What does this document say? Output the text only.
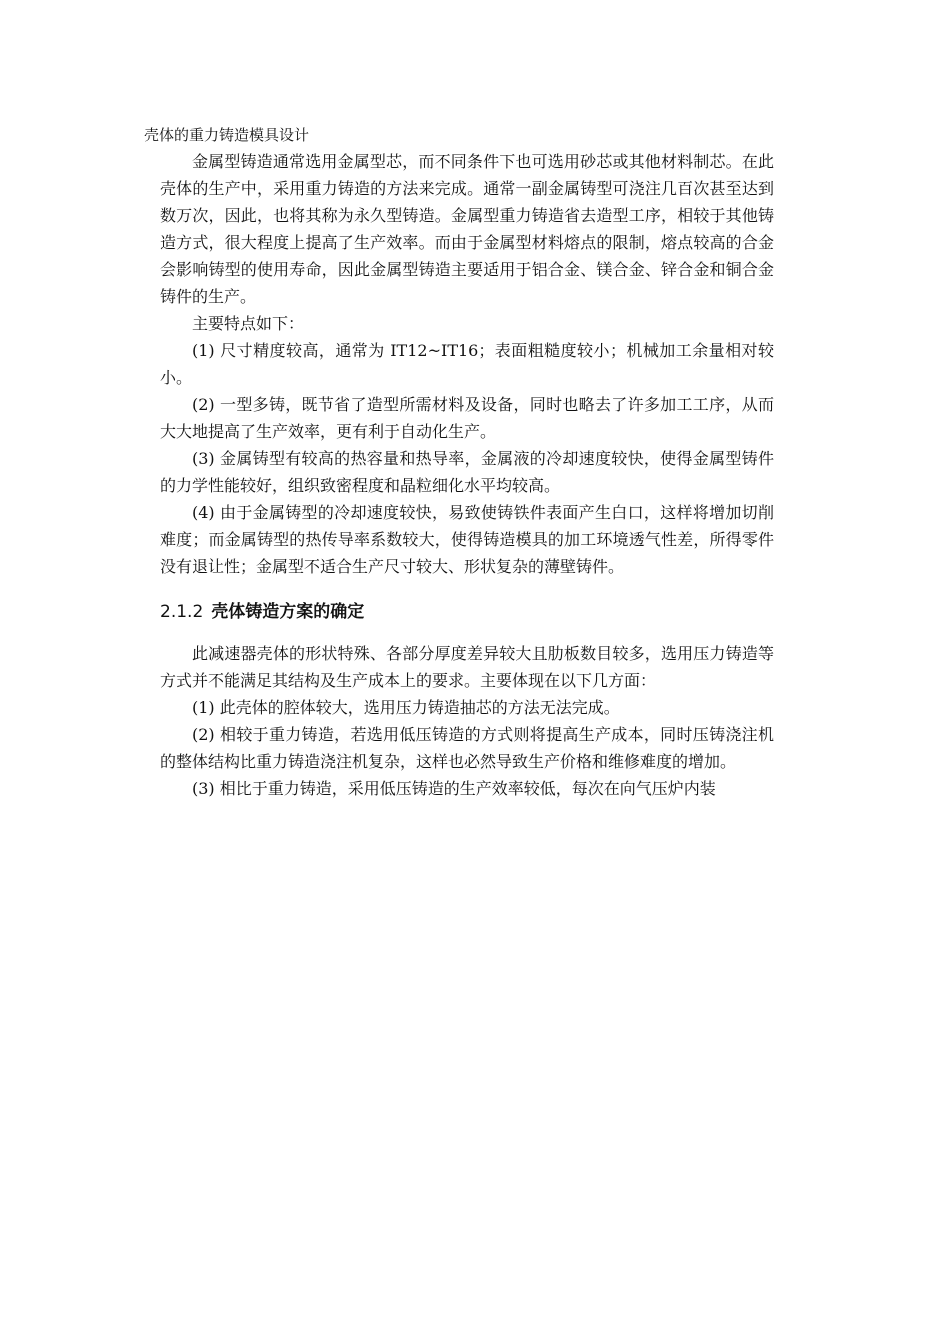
壳体的重力铸造模具设计

金属型铸造通常选用金属型芯，而不同条件下也可选用砂芯或其他材料制芯。在此壳体的生产中，采用重力铸造的方法来完成。通常一副金属铸型可浇注几百次甚至达到数万次，因此，也将其称为永久型铸造。金属型重力铸造省去造型工序，相较于其他铸造方式，很大程度上提高了生产效率。而由于金属型材料熔点的限制，熔点较高的合金会影响铸型的使用寿命，因此金属型铸造主要适用于铝合金、镁合金、锌合金和铜合金铸件的生产。

主要特点如下：

(1) 尺寸精度较高，通常为 IT12~IT16；表面粗糙度较小；机械加工余量相对较小。

(2) 一型多铸，既节省了造型所需材料及设备，同时也略去了许多加工工序，从而大大地提高了生产效率，更有利于自动化生产。

(3) 金属铸型有较高的热容量和热导率，金属液的冷却速度较快，使得金属型铸件的力学性能较好，组织致密程度和晶粒细化水平均较高。

(4) 由于金属铸型的冷却速度较快，易致使铸铁件表面产生白口，这样将增加切削难度；而金属铸型的热传导率系数较大，使得铸造模具的加工环境透气性差，所得零件没有退让性；金属型不适合生产尺寸较大、形状复杂的薄壁铸件。

2.1.2 壳体铸造方案的确定

此减速器壳体的形状特殊、各部分厚度差异较大且肋板数目较多，选用压力铸造等方式并不能满足其结构及生产成本上的要求。主要体现在以下几方面：

(1) 此壳体的腔体较大，选用压力铸造抽芯的方法无法完成。

(2) 相较于重力铸造，若选用低压铸造的方式则将提高生产成本，同时压铸浇注机的整体结构比重力铸造浇注机复杂，这样也必然导致生产价格和维修难度的增加。

(3) 相比于重力铸造，采用低压铸造的生产效率较低，每次在向气压炉内装
